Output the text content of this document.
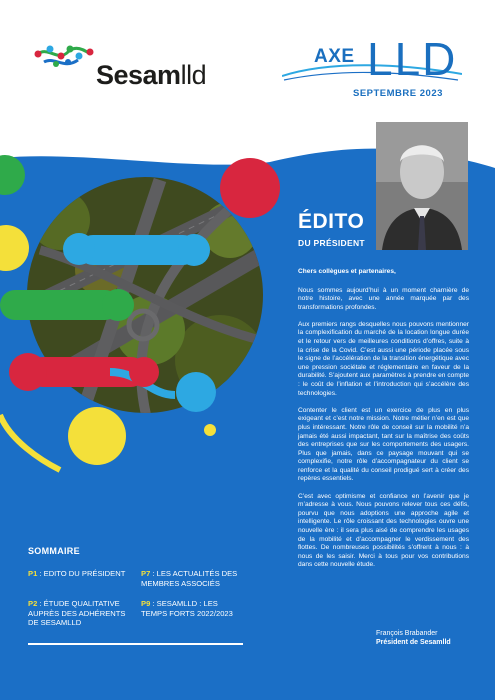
Sesamlld
AXE LLD
SEPTEMBRE 2023
ÉDITO
DU PRÉSIDENT

Chers collègues et partenaires,

Nous sommes aujourd’hui à un moment charnière de notre histoire, avec une année marquée par des transformations profondes.

Aux premiers rangs desquelles nous pouvons mentionner la complexification du marché de la location longue durée et le retour vers de meilleures conditions d’offres, suite à la crise de la Covid. C’est aussi une période placée sous le signe de l’accélération de la transition énergétique avec une pression sociétale et réglementaire en faveur de la durabilité. S’ajoutent aux paramètres à prendre en compte : le coût de l’inflation et l’introduction qui s’accélère des technologies.

Contenter le client est un exercice de plus en plus exigeant et c’est notre mission. Notre métier n’en est que plus intéressant. Notre rôle de conseil sur la mobilité n’a jamais été aussi impactant, tant sur la maîtrise des coûts des entreprises que sur les comportements des usagers. Plus que jamais, dans ce paysage mouvant qui se complexifie, notre rôle d’accompagnateur du client se renforce et la qualité du conseil prodigué sert à créer des repères essentiels.

C’est avec optimisme et confiance en l’avenir que je m’adresse à vous. Nous pouvons relever tous ces défis, pourvu que nous adoptions une approche agile et intelligente. Le rôle croissant des technologies ouvre une nouvelle ère : il sera plus aisé de comprendre les usages de la mobilité et d’accompagner le verdissement des flottes. De nombreuses possibilités s’offrent à nous : à nous de les saisir. Merci à tous pour vos contributions dans cette nouvelle étude.

François Brabander
Président de Sesamlld
SOMMAIRE
P1 : EDITO DU PRÉSIDENT	P7 : LES ACTUALITÉS DES MEMBRES ASSOCIÉS
P2 : ÉTUDE QUALITATIVE AUPRÈS DES ADHÉRENTS DE SESAMLLD
P9 : SESAMLLD : LES TEMPS FORTS 2022/2023
